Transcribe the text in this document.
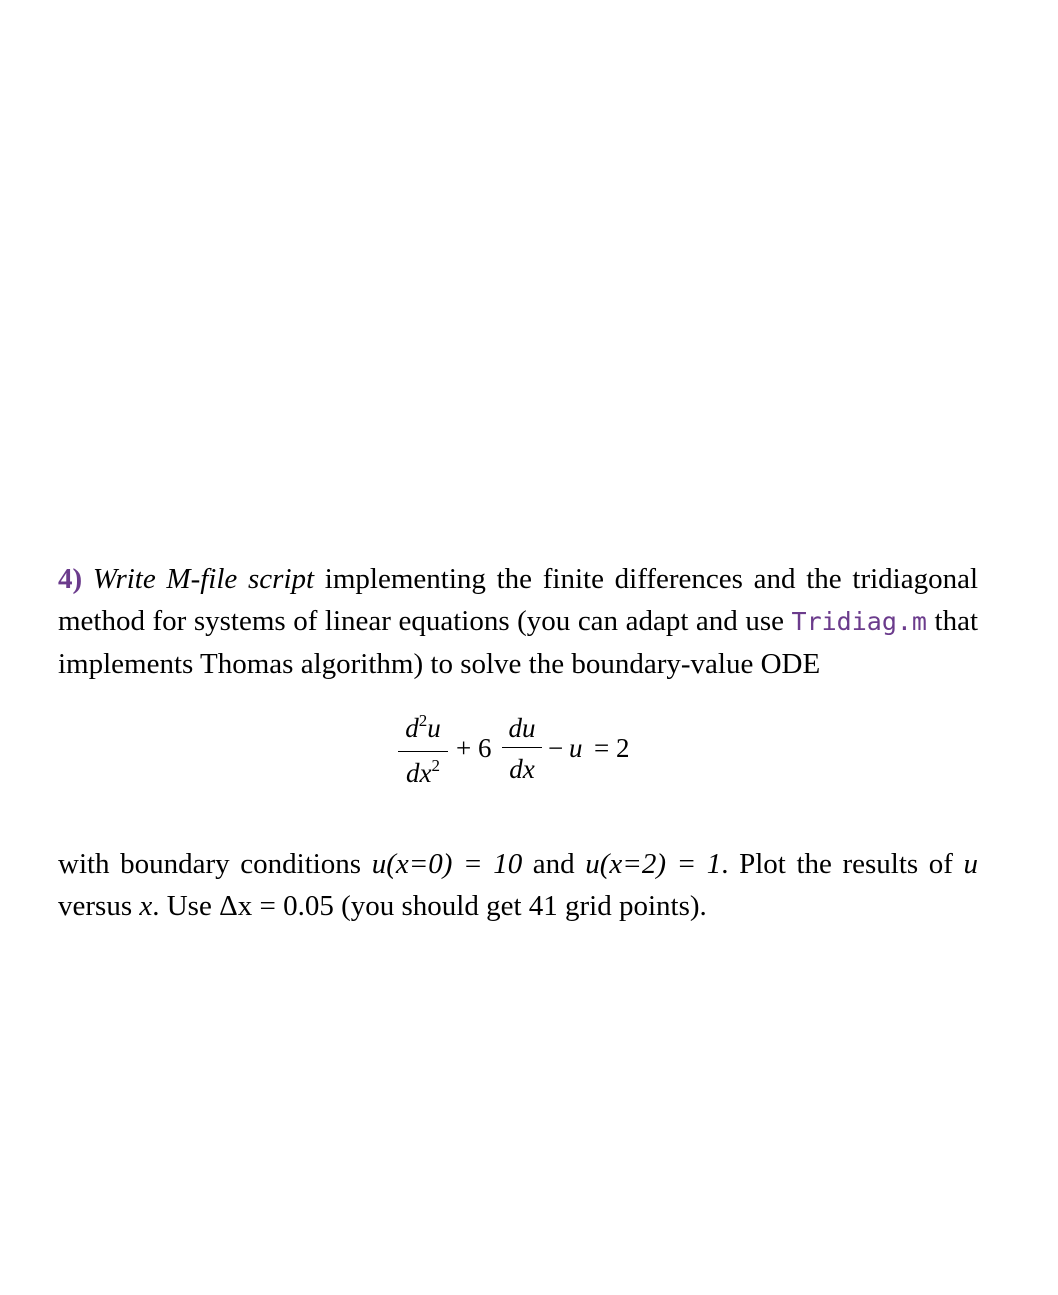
4) Write M-file script implementing the finite differences and the tridiagonal method for systems of linear equations (you can adapt and use Tridiag.m that implements Thomas algorithm) to solve the boundary-value ODE

$d^2u$
$dx^2$
+ 6
du
dx
− u = 2

with boundary conditions u(x=0) = 10 and u(x=2) = 1. Plot the results of u versus x. Use Δx = 0.05 (you should get 41 grid points).
